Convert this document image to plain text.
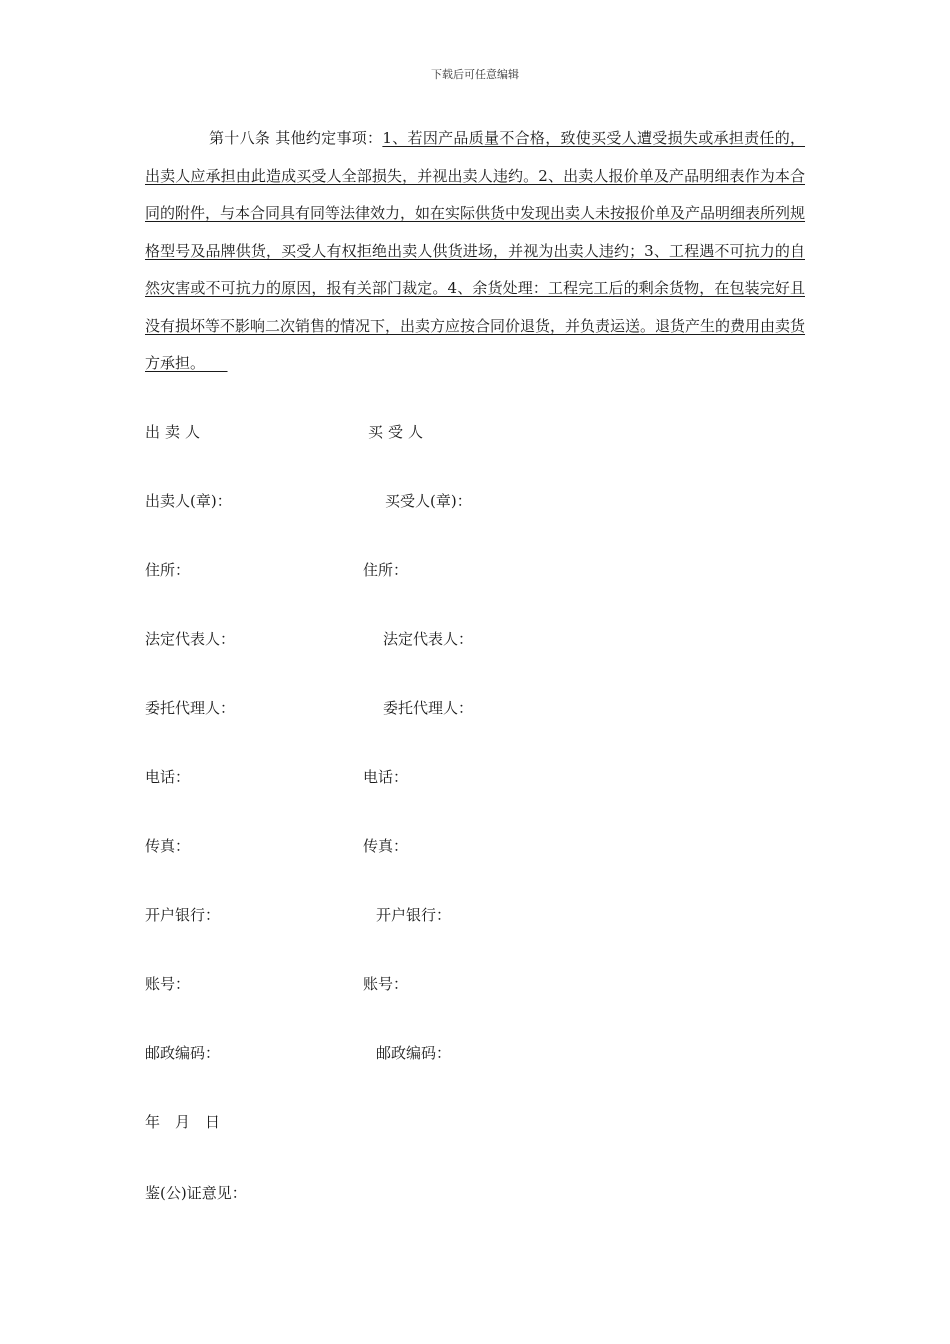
下载后可任意编辑

第十八条 其他约定事项：1、若因产品质量不合格，致使买受人遭受损失或承担责任的，出卖人应承担由此造成买受人全部损失，并视出卖人违约。2、出卖人报价单及产品明细表作为本合同的附件，与本合同具有同等法律效力，如在实际供货中发现出卖人未按报价单及产品明细表所列规格型号及品牌供货，买受人有权拒绝出卖人供货进场，并视为出卖人违约；3、工程遇不可抗力的自然灾害或不可抗力的原因，报有关部门裁定。4、余货处理：工程完工后的剩余货物，在包装完好且没有损坏等不影响二次销售的情况下，出卖方应按合同价退货，并负责运送。退货产生的费用由卖货方承担。　　

出卖人	买受人
出卖人(章)：	买受人(章)：
住所：	住所：
法定代表人：	法定代表人：
委托代理人：	委托代理人：
电话：	电话：
传真：	传真：
开户银行：	开户银行：
账号：	账号：
邮政编码：	邮政编码：
年　月　日
鉴(公)证意见：
